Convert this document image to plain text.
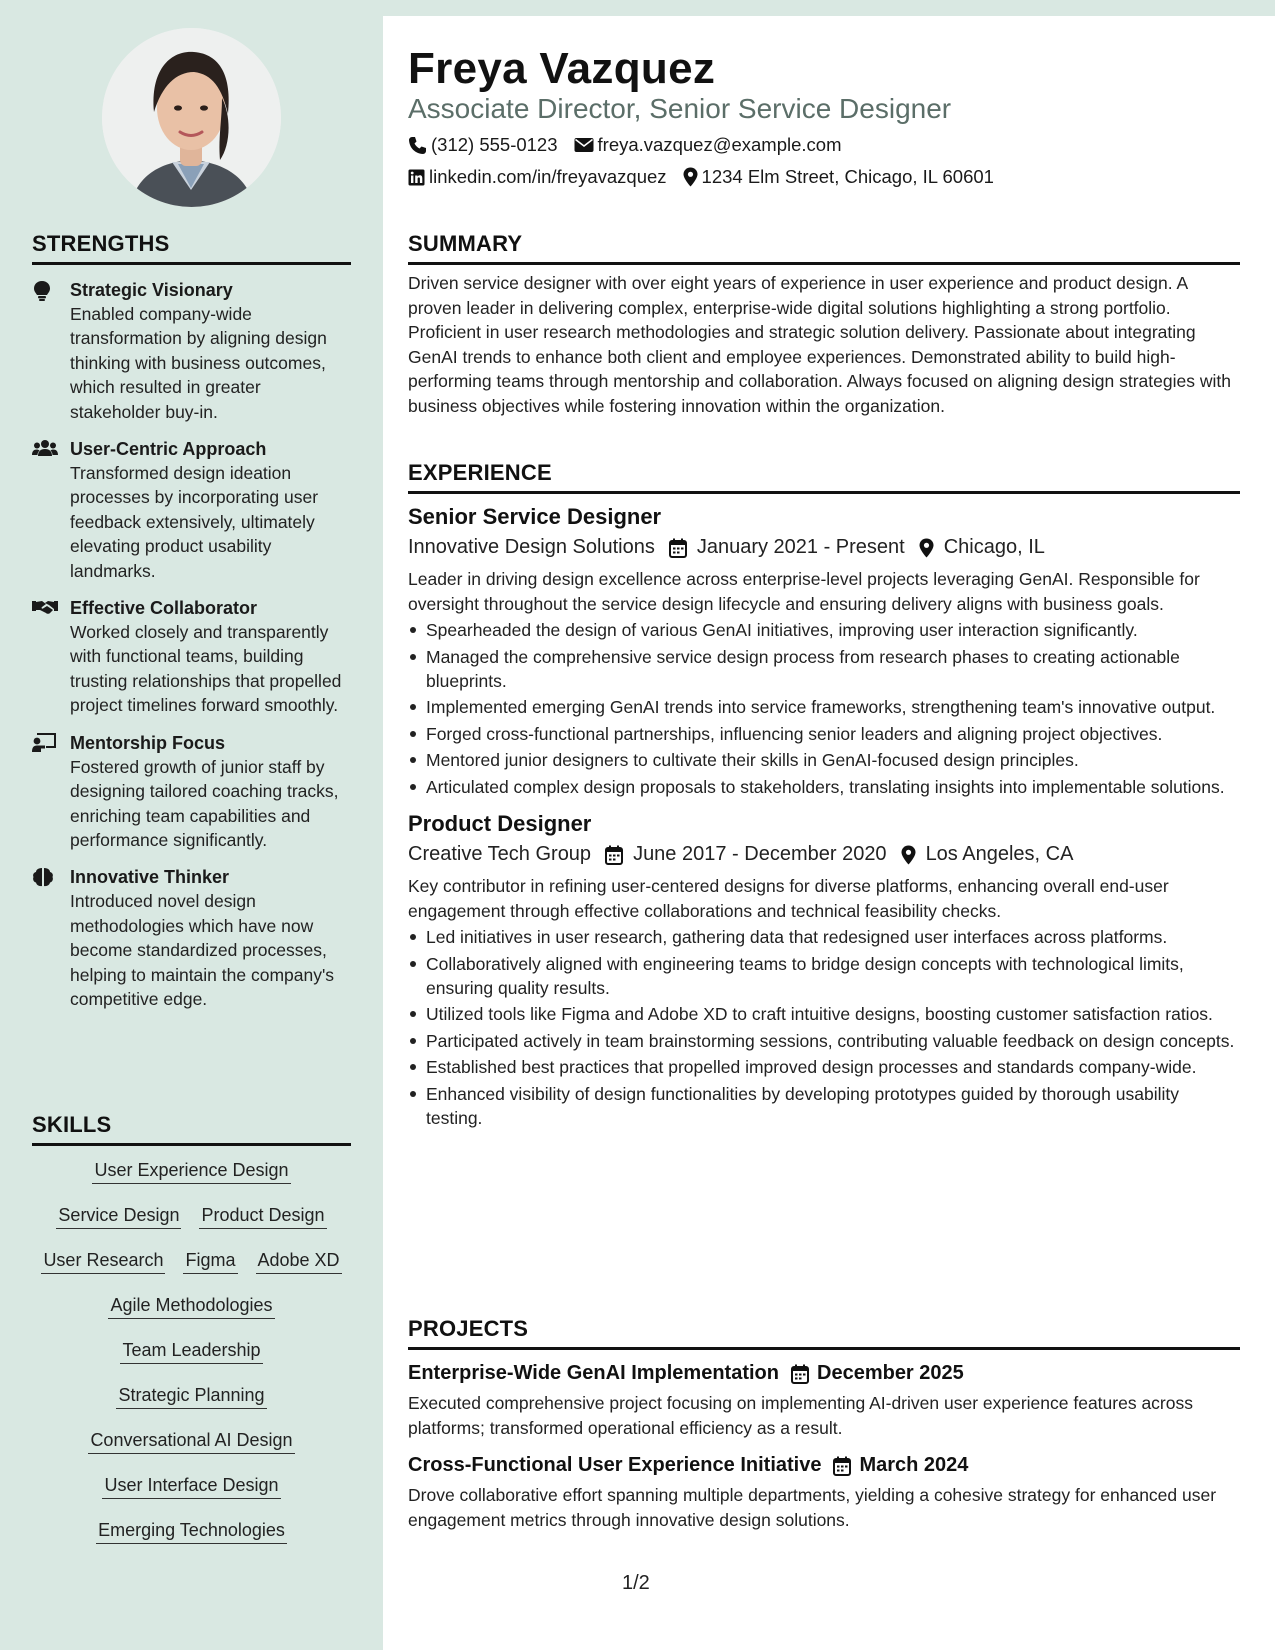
STRENGTHS
Strategic Visionary
Enabled company-wide transformation by aligning design thinking with business outcomes, which resulted in greater stakeholder buy-in.
User-Centric Approach
Transformed design ideation processes by incorporating user feedback extensively, ultimately elevating product usability landmarks.
Effective Collaborator
Worked closely and transparently with functional teams, building trusting relationships that propelled project timelines forward smoothly.
Mentorship Focus
Fostered growth of junior staff by designing tailored coaching tracks, enriching team capabilities and performance significantly.
Innovative Thinker
Introduced novel design methodologies which have now become standardized processes, helping to maintain the company's competitive edge.
SKILLS
User Experience Design
Service Design Product Design
User Research Figma Adobe XD
Agile Methodologies
Team Leadership
Strategic Planning
Conversational AI Design
User Interface Design
Emerging Technologies
Freya Vazquez
Associate Director, Senior Service Designer
(312) 555-0123 freya.vazquez@example.com
linkedin.com/in/freyavazquez 1234 Elm Street, Chicago, IL 60601
SUMMARY
Driven service designer with over eight years of experience in user experience and product design. A proven leader in delivering complex, enterprise-wide digital solutions highlighting a strong portfolio. Proficient in user research methodologies and strategic solution delivery. Passionate about integrating GenAI trends to enhance both client and employee experiences. Demonstrated ability to build high-performing teams through mentorship and collaboration. Always focused on aligning design strategies with business objectives while fostering innovation within the organization.
EXPERIENCE
Senior Service Designer
Innovative Design Solutions January 2021 - Present Chicago, IL
Leader in driving design excellence across enterprise-level projects leveraging GenAI. Responsible for oversight throughout the service design lifecycle and ensuring delivery aligns with business goals.
Spearheaded the design of various GenAI initiatives, improving user interaction significantly.
Managed the comprehensive service design process from research phases to creating actionable blueprints.
Implemented emerging GenAI trends into service frameworks, strengthening team's innovative output.
Forged cross-functional partnerships, influencing senior leaders and aligning project objectives.
Mentored junior designers to cultivate their skills in GenAI-focused design principles.
Articulated complex design proposals to stakeholders, translating insights into implementable solutions.
Product Designer
Creative Tech Group June 2017 - December 2020 Los Angeles, CA
Key contributor in refining user-centered designs for diverse platforms, enhancing overall end-user engagement through effective collaborations and technical feasibility checks.
Led initiatives in user research, gathering data that redesigned user interfaces across platforms.
Collaboratively aligned with engineering teams to bridge design concepts with technological limits, ensuring quality results.
Utilized tools like Figma and Adobe XD to craft intuitive designs, boosting customer satisfaction ratios.
Participated actively in team brainstorming sessions, contributing valuable feedback on design concepts.
Established best practices that propelled improved design processes and standards company-wide.
Enhanced visibility of design functionalities by developing prototypes guided by thorough usability testing.
PROJECTS
Enterprise-Wide GenAI Implementation December 2025
Executed comprehensive project focusing on implementing AI-driven user experience features across platforms; transformed operational efficiency as a result.
Cross-Functional User Experience Initiative March 2024
Drove collaborative effort spanning multiple departments, yielding a cohesive strategy for enhanced user engagement metrics through innovative design solutions.
1/2
